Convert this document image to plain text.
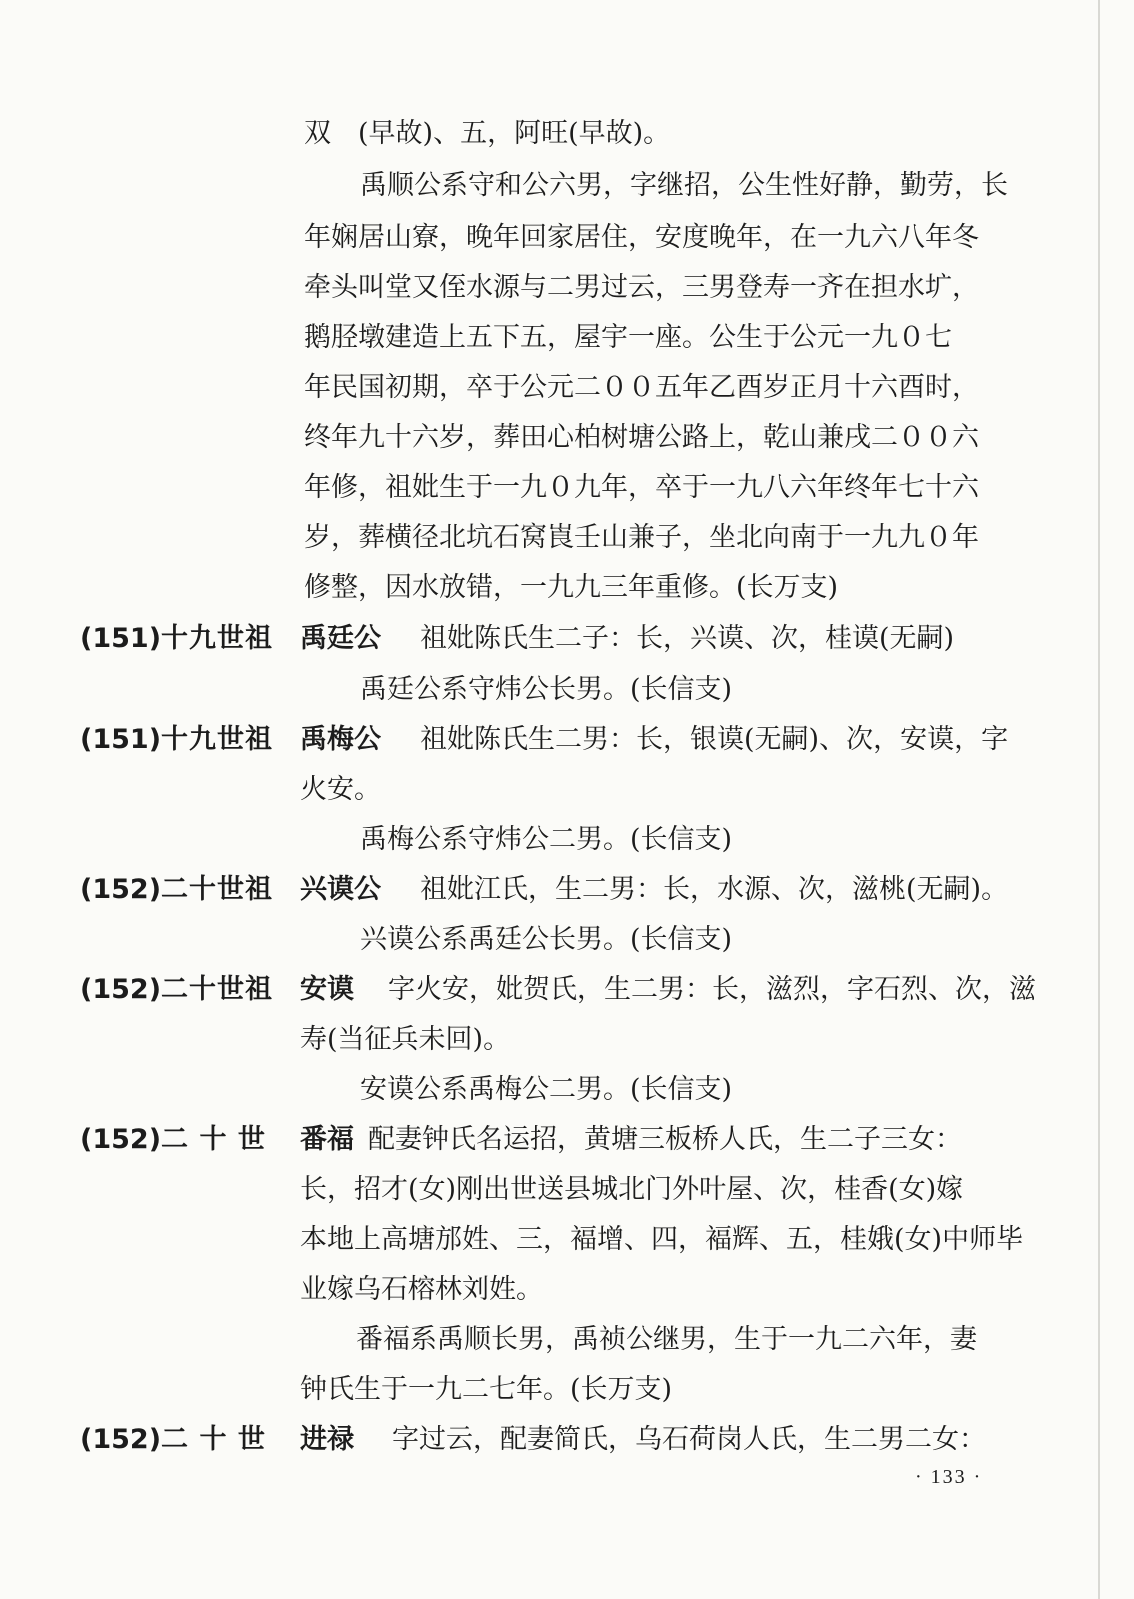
双　(早故)、五，阿旺(早故)。
禹顺公系守和公六男，字继招，公生性好静，勤劳，长
年娴居山寮，晚年回家居住，安度晚年，在一九六八年冬
牵头叫堂又侄水源与二男过云，三男登寿一齐在担水圹，
鹅胫墩建造上五下五，屋宇一座。公生于公元一九０七
年民国初期，卒于公元二００五年乙酉岁正月十六酉时，
终年九十六岁，葬田心柏树塘公路上，乾山兼戌二００六
年修，祖妣生于一九０九年，卒于一九八六年终年七十六
岁，葬横径北坑石窝崀壬山兼子，坐北向南于一九九０年
修整，因水放错，一九九三年重修。(长万支)
(151)十九世祖 禹廷公 祖妣陈氏生二子：长，兴谟、次，桂谟(无嗣)
禹廷公系守炜公长男。(长信支)
(151)十九世祖 禹梅公 祖妣陈氏生二男：长，银谟(无嗣)、次，安谟，字
火安。
禹梅公系守炜公二男。(长信支)
(152)二十世祖 兴谟公 祖妣江氏，生二男：长，水源、次，滋桃(无嗣)。
兴谟公系禹廷公长男。(长信支)
(152)二十世祖 安谟 字火安，妣贺氏，生二男：长，滋烈，字石烈、次，滋
寿(当征兵未回)。
安谟公系禹梅公二男。(长信支)
(152)二 十 世	番福 配妻钟氏名运招，黄塘三板桥人氏，生二子三女：
长，招才(女)刚出世送县城北门外叶屋、次，桂香(女)嫁
本地上高塘邡姓、三，褔增、四，褔辉、五，桂娥(女)中师毕
业嫁乌石榕林刘姓。
番福系禹顺长男，禹祯公继男，生于一九二六年，妻
钟氏生于一九二七年。(长万支)
(152)二 十 世	进禄 字过云，配妻简氏，乌石荷岗人氏，生二男二女：
· 133 ·
